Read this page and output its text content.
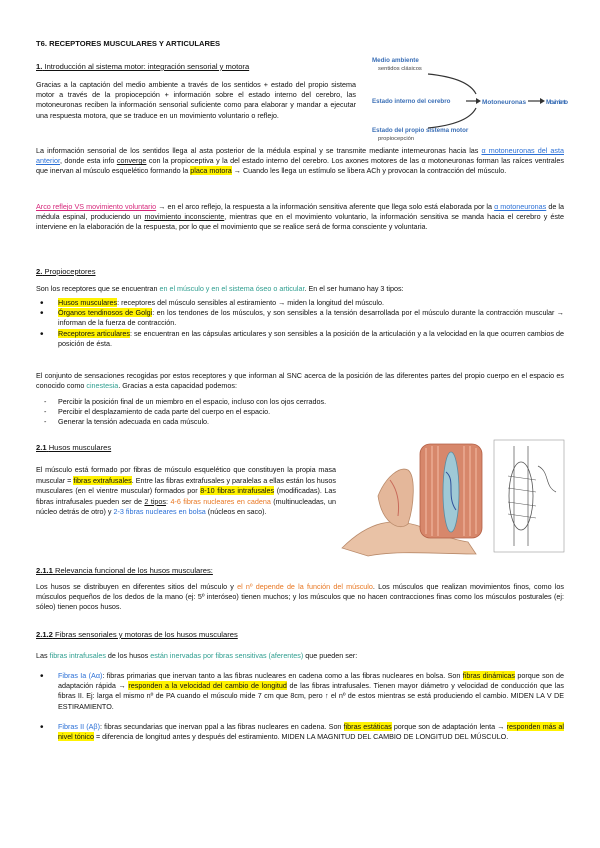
T6. RECEPTORES MUSCULARES Y ARTICULARES
1. Introducción al sistema motor: integración sensorial y motora
Gracias a la captación del medio ambiente a través de los sentidos + estado del propio sistema motor a través de la propiocepción + información sobre el estado interno del cerebro, las motoneuronas reciben la información sensorial suficiente como para elaborar y mandar a ejecutar una respuesta motora, que se traduce en un movimiento voluntario o reflejo.
Medio ambiente
sentidos clásicos
Estado interno del cerebro
Estado del propio sistema motor
propiocepción
Motoneuronas	Movimiento
La información sensorial de los sentidos llega al asta posterior de la médula espinal y se transmite mediante interneuronas hacia las α motoneuronas del asta anterior, donde esta info converge con la propioceptiva y la del estado interno del cerebro. Los axones motores de las α motoneuronas forman las raíces ventrales que inervan al músculo esquelético formando la placa motora → Cuando les llega un estímulo se libera ACh y provocan la contracción del músculo.
Arco reflejo VS movimiento voluntario → en el arco reflejo, la respuesta a la información sensitiva aferente que llega solo está elaborada por la α motoneuronas de la médula espinal, produciendo un movimiento inconsciente, mientras que en el movimiento voluntario, la información sensitiva se manda hacia el cerebro y éste interviene en la elaboración de la respuesta, por lo que el movimiento que se realice será de forma consciente y voluntaria.
2. Propioceptores
Son los receptores que se encuentran en el músculo y en el sistema óseo o articular. En el ser humano hay 3 tipos:
• Husos musculares: receptores del músculo sensibles al estiramiento → miden la longitud del músculo.
• Órganos tendinosos de Golgi: en los tendones de los músculos, y son sensibles a la tensión desarrollada por el músculo durante la contracción muscular → informan de la fuerza de contracción.
• Receptores articulares: se encuentran en las cápsulas articulares y son sensibles a la posición de la articulación y a la velocidad en la que ocurren cambios de posición de ésta.
El conjunto de sensaciones recogidas por estos receptores y que informan al SNC acerca de la posición de las diferentes partes del propio cuerpo en el espacio es conocido como cinestesia. Gracias a esta capacidad podemos:
- Percibir la posición final de un miembro en el espacio, incluso con los ojos cerrados.
- Percibir el desplazamiento de cada parte del cuerpo en el espacio.
- Generar la tensión adecuada en cada músculo.
2.1 Husos musculares
El músculo está formado por fibras de músculo esquelético que constituyen la propia masa muscular = fibras extrafusales. Entre las fibras extrafusales y paralelas a ellas están los husos musculares (en el vientre muscular) formados por 8-10 fibras intrafusales (modificadas). Las fibras intrafusales pueden ser de 2 tipos: 4-6 fibras nucleares en cadena (multinucleadas, un núcleo detrás de otro) y 2-3 fibras nucleares en bolsa (núcleos en saco).
2.1.1 Relevancia funcional de los husos musculares:
Los husos se distribuyen en diferentes sitios del músculo y el nº depende de la función del músculo. Los músculos que realizan movimientos finos, como los músculos pequeños de los dedos de la mano (ej: 5º interóseo) tienen muchos; y los músculos que no hacen contracciones finas como los músculos posturales (ej: sóleo) tienen pocos husos.
2.1.2 Fibras sensoriales y motoras de los husos musculares
Las fibras intrafusales de los husos están inervadas por fibras sensitivas (aferentes) que pueden ser:
• Fibras Ia (Aα): fibras primarias que inervan tanto a las fibras nucleares en cadena como a las fibras nucleares en bolsa. Son fibras dinámicas porque son de adaptación rápida → responden a la velocidad del cambio de longitud de las fibras intrafusales. Tienen mayor diámetro y velocidad de conducción que las fibras II. Ej: larga el mismo nº de PA cuando el músculo mide 7 cm que 8cm, pero ↑ el nº de estos mientras se está produciendo el cambio. MIDEN LA V DE ESTIRAMIENTO.
• Fibras II (Aβ): fibras secundarias que inervan ppal a las fibras nucleares en cadena. Son fibras estáticas porque son de adaptación lenta → responden más al nivel tónico = diferencia de longitud antes y después del estiramiento. MIDEN LA MAGNITUD DEL CAMBIO DE LONGITUD DEL MÚSCULO.
